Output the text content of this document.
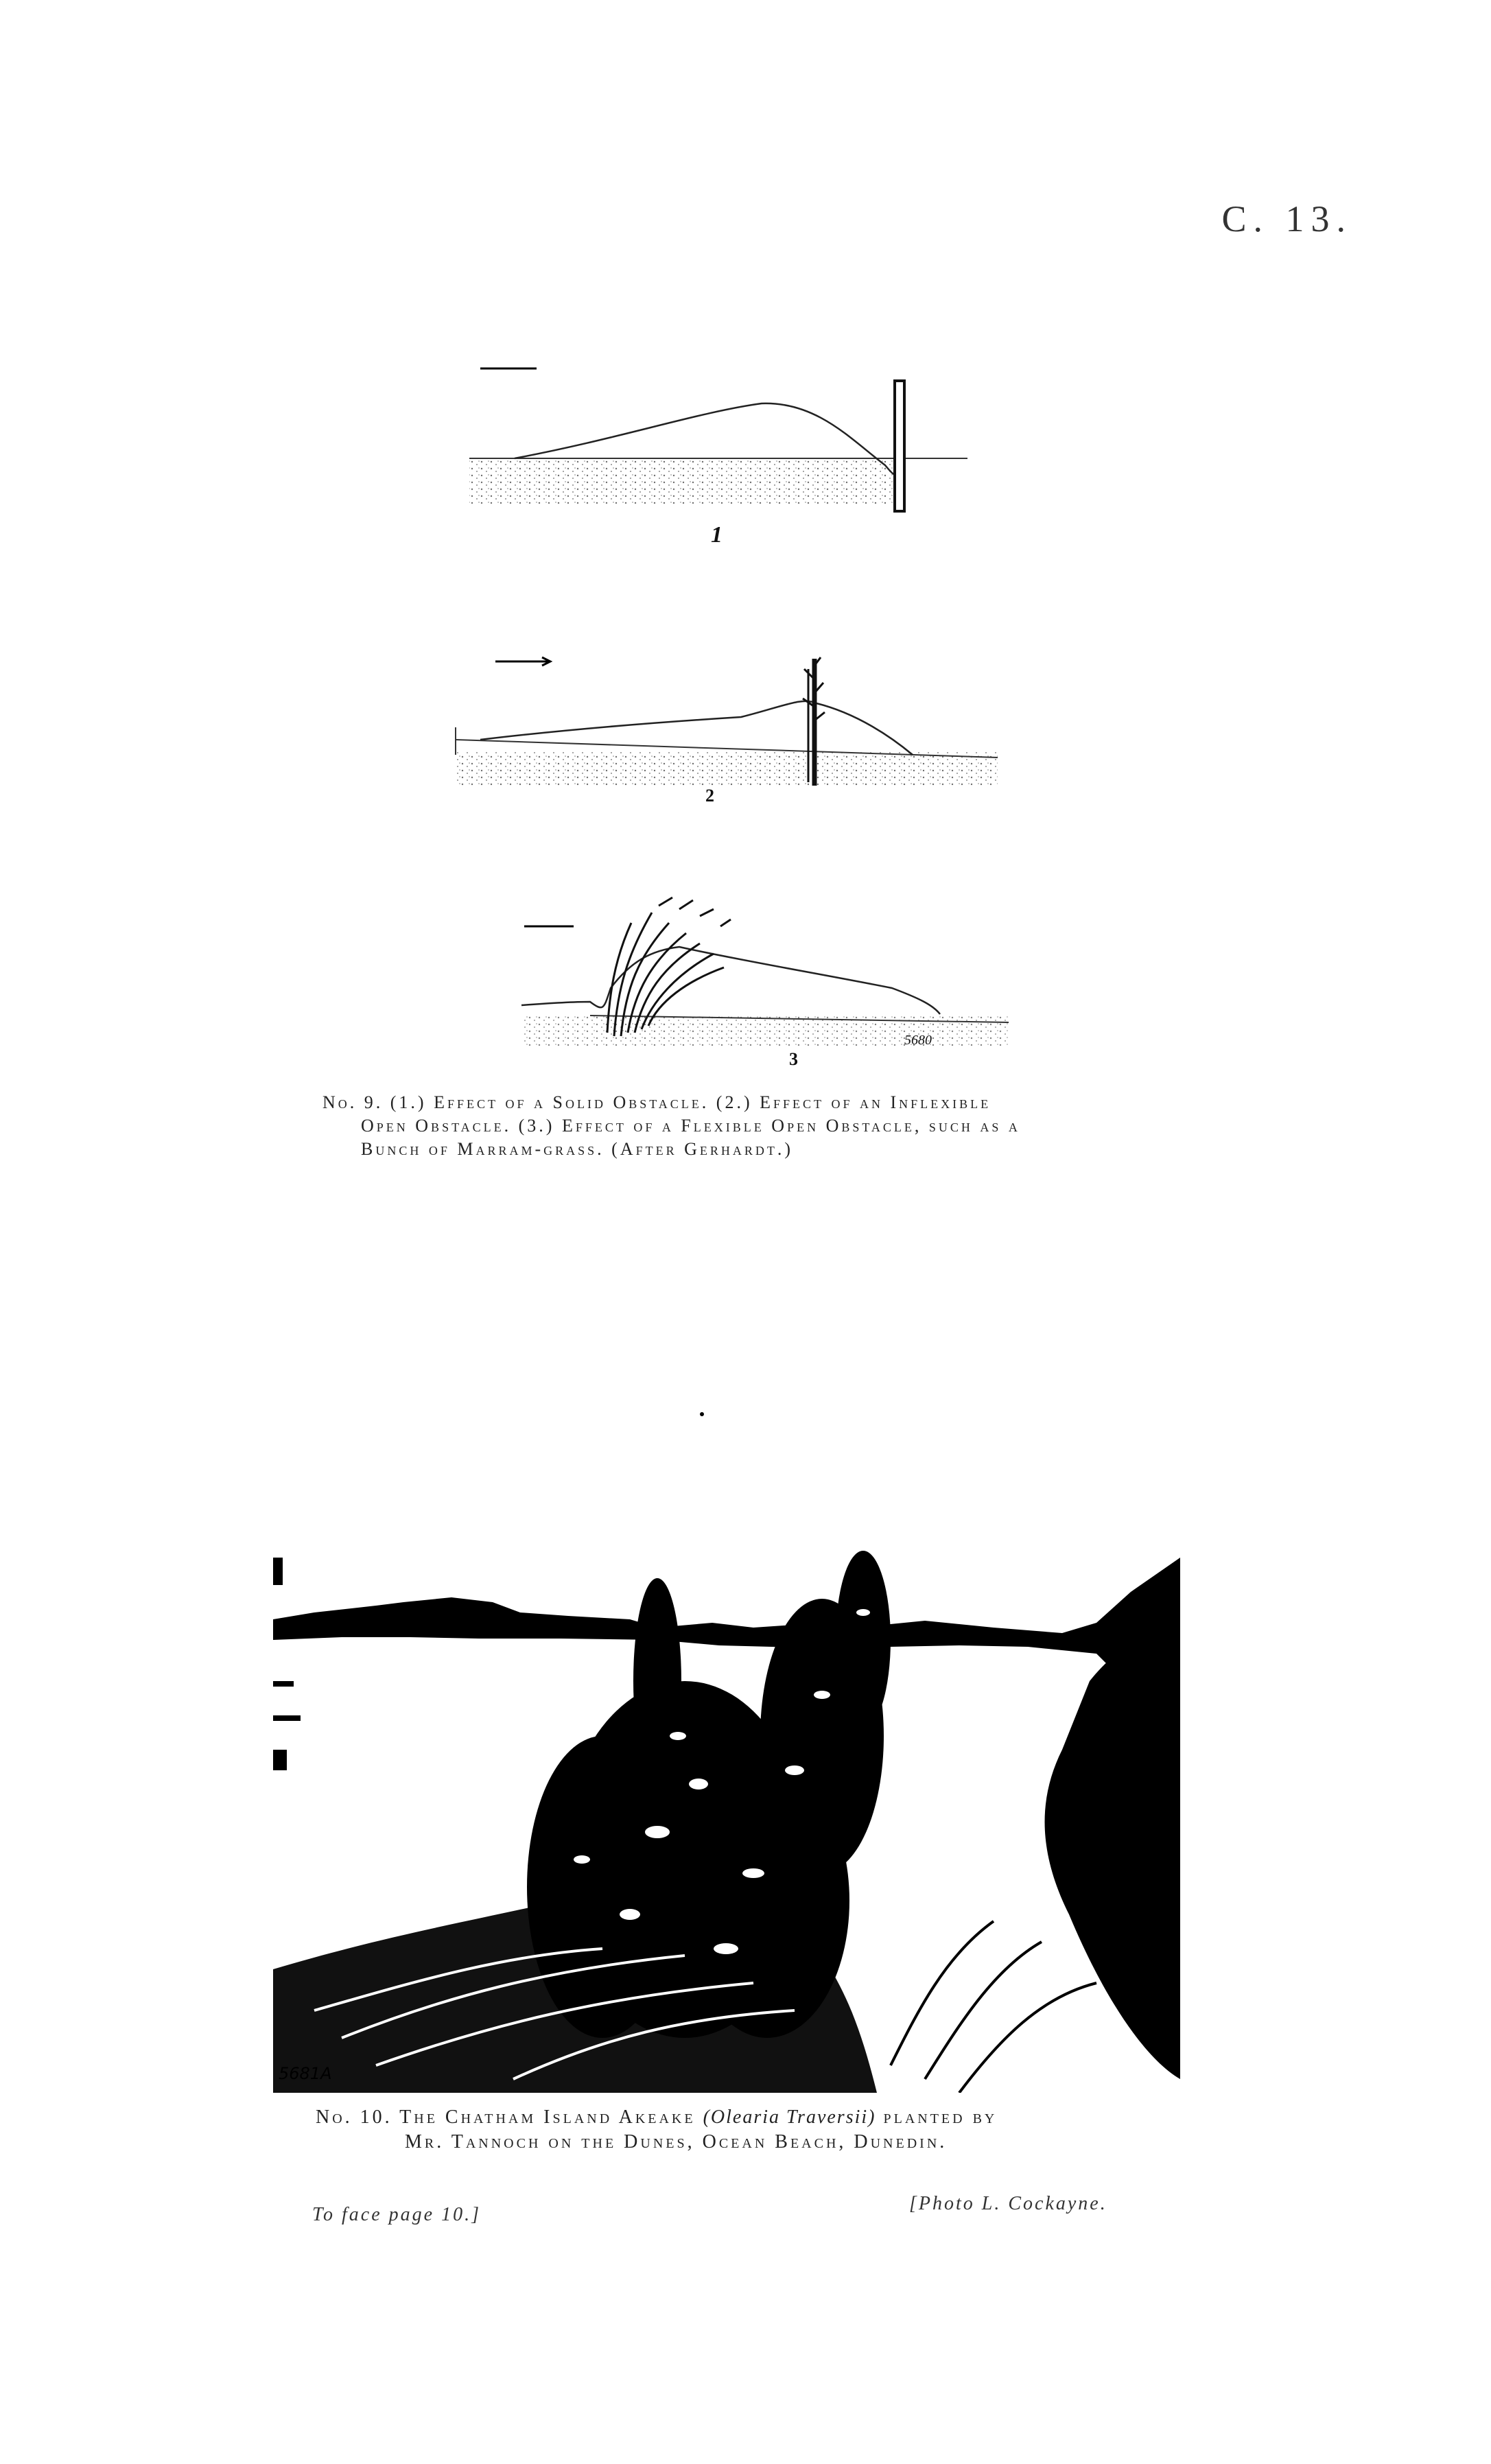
C. 13.
1
2
3
5680
No. 9. (1.) Effect of a Solid Obstacle. (2.) Effect of an Inflexible
Open Obstacle. (3.) Effect of a Flexible Open Obstacle, such as a
Bunch of Marram-grass. (After Gerhardt.)
5681A
No. 10. The Chatham Island Akeake (Olearia Traversii) planted by
Mr. Tannoch on the Dunes, Ocean Beach, Dunedin.
[Photo L. Cockayne.
To face page 10.]
